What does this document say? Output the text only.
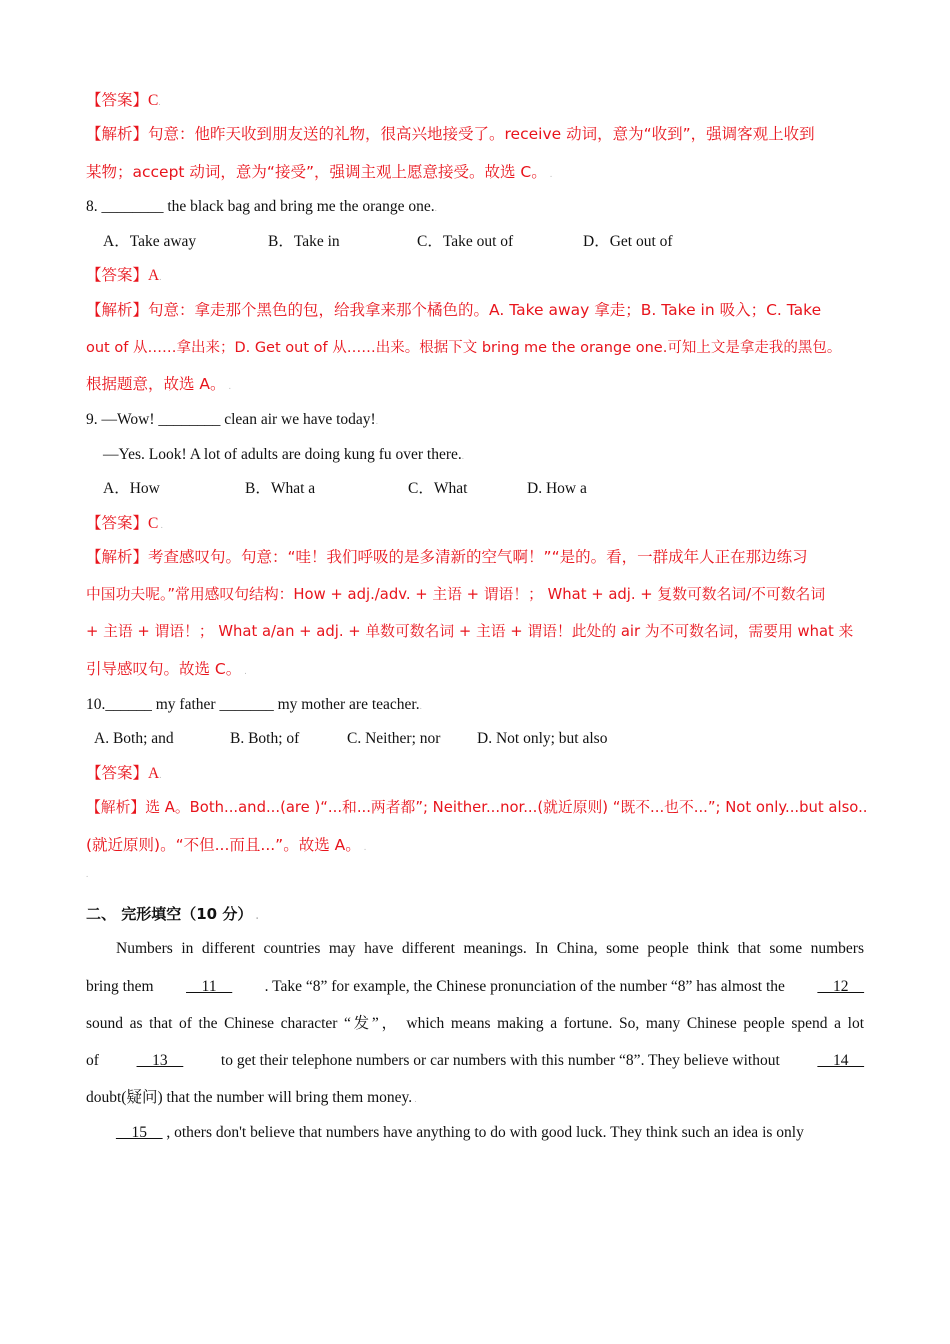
【答案】C.
【解析】句意：他昨天收到朋友送的礼物，很高兴地接受了。receive 动词，意为“收到”，强调客观上收到
某物；accept 动词，意为“接受”，强调主观上愿意接受。故选 C。 .
8. ________ the black bag and bring me the orange one..
A．Take away	B．Take in	C．Take out of	D．Get out of
【答案】A.
【解析】句意：拿走那个黑色的包，给我拿来那个橘色的。A. Take away 拿走；B. Take in 吸入；C. Take
out of 从……拿出来；D. Get out of 从……出来。根据下文 bring me the orange one.可知上文是拿走我的黑包。
根据题意，故选 A。 .
9. —Wow! ________ clean air we have today!.
—Yes. Look! A lot of adults are doing kung fu over there..
A．How	B．What a	C．What	D. How a
【答案】C .
【解析】考查感叹句。句意：“哇！我们呼吸的是多清新的空气啊！”“是的。看，一群成年人正在那边练习
中国功夫呢。”常用感叹句结构：How + adj./adv. + 主语 + 谓语！； What + adj. + 复数可数名词/不可数名词
+ 主语 + 谓语！； What a/an + adj. + 单数可数名词 + 主语 + 谓语！此处的 air 为不可数名词，需要用 what 来
引导感叹句。故选 C。 .
10.______ my father _______ my mother are teacher..
A. Both; and	B. Both; of	C. Neither; nor D. Not only; but also
【答案】A.
【解析】选 A。Both...and...(are )“...和...两者都”; Neither...nor...(就近原则) “既不...也不...”; Not only...but also..
(就近原则)。“不但...而且...”。故选 A。 .
.
二、 完形填空（10 分） .
Numbers in different countries may have different meanings. In China, some people think that some numbers
bring them __11__ . Take “8” for example, the Chinese pronunciation of the number “8” has almost the __12__
sound as that of the Chinese character “发”， which means making a fortune. So, many Chinese people spend a lot
of __13__ to get their telephone numbers or car numbers with this number “8”. They believe without __14__
doubt(疑问) that the number will bring them money. .
__15__ , others don't believe that numbers have anything to do with good luck. They think such an idea is only
